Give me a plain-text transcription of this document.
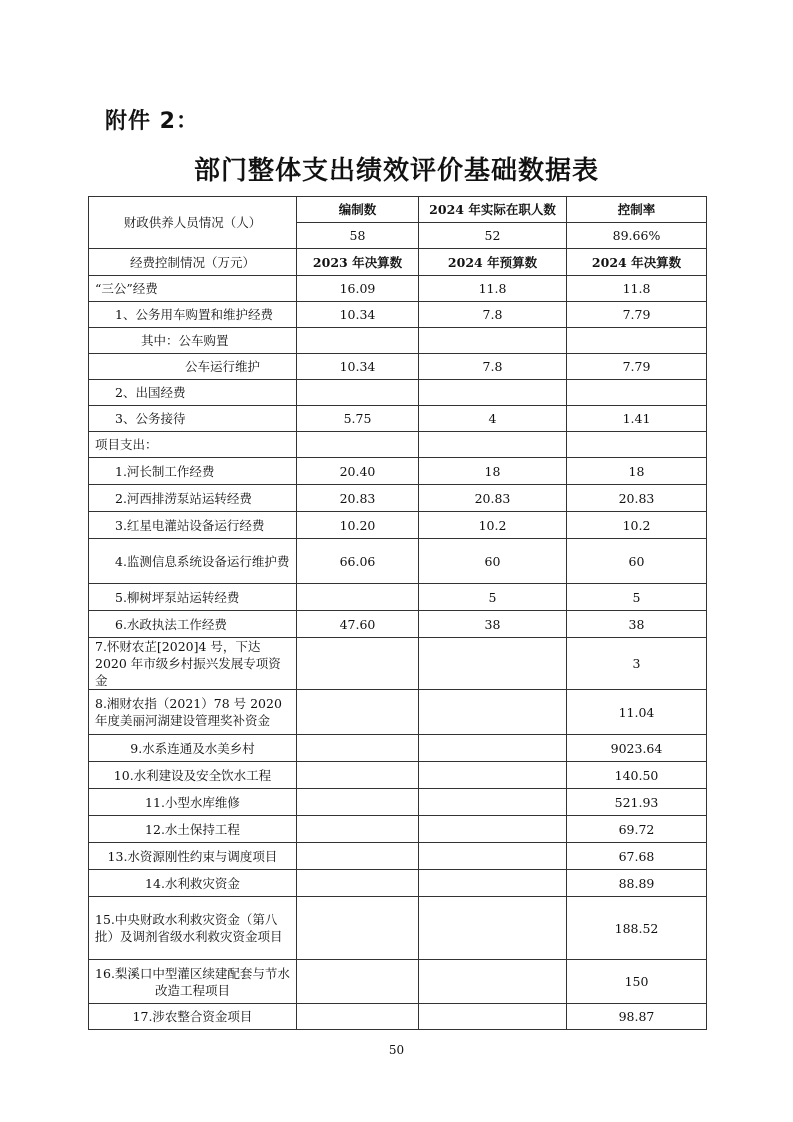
附件 2：
部门整体支出绩效评价基础数据表
财政供养人员情况（人）	编制数	2024 年实际在职人数	控制率
	58	52	89.66%
经费控制情况（万元）	2023 年决算数	2024 年预算数	2024 年决算数
“三公”经费	16.09	11.8	11.8
1、公务用车购置和维护经费	10.34	7.8	7.79
其中：公车购置			
公车运行维护	10.34	7.8	7.79
2、出国经费			
3、公务接待	5.75	4	1.41
项目支出：			
1.河长制工作经费	20.40	18	18
2.河西排涝泵站运转经费	20.83	20.83	20.83
3.红星电灌站设备运行经费	10.20	10.2	10.2
4.监测信息系统设备运行维护费	66.06	60	60
5.柳树坪泵站运转经费		5	5
6.水政执法工作经费	47.60	38	38
7.怀财农芷[2020]4 号，下达 2020 年市级乡村振兴发展专项资金			3
8.湘财农指（2021）78 号 2020 年度美丽河湖建设管理奖补资金			11.04
9.水系连通及水美乡村			9023.64
10.水利建设及安全饮水工程			140.50
11.小型水库维修			521.93
12.水土保持工程			69.72
13.水资源刚性约束与调度项目			67.68
14.水利救灾资金			88.89
15.中央财政水利救灾资金（第八批）及调剂省级水利救灾资金项目			188.52
16.梨溪口中型灌区续建配套与节水改造工程项目			150
17.涉农整合资金项目			98.87
50
